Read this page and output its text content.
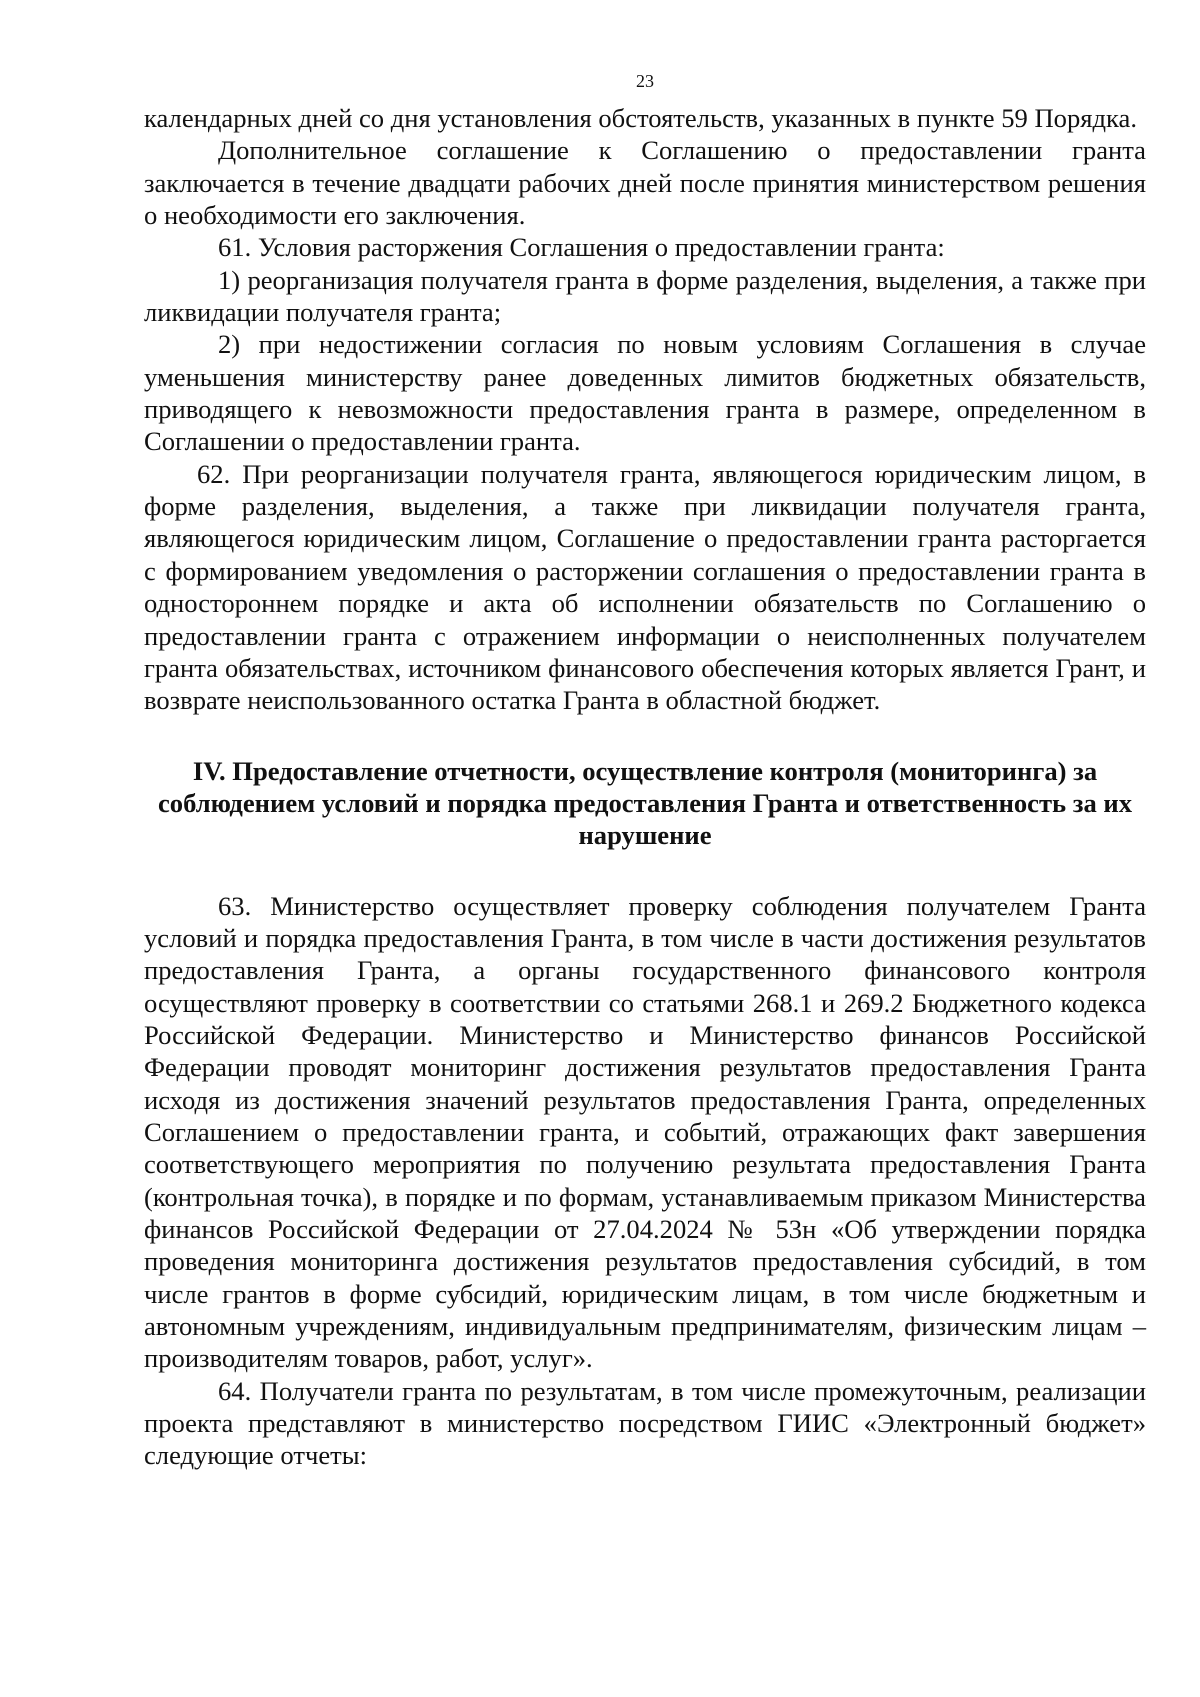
23

календарных дней со дня установления обстоятельств, указанных в пункте 59 Порядка.

Дополнительное соглашение к Соглашению о предоставлении гранта заключается в течение двадцати рабочих дней после принятия министерством решения о необходимости его заключения.

61. Условия расторжения Соглашения о предоставлении гранта:

1) реорганизация получателя гранта в форме разделения, выделения, а также при ликвидации получателя гранта;

2) при недостижении согласия по новым условиям Соглашения в случае уменьшения министерству ранее доведенных лимитов бюджетных обязательств, приводящего к невозможности предоставления гранта в размере, определенном в Соглашении о предоставлении гранта.

62. При реорганизации получателя гранта, являющегося юридическим лицом, в форме разделения, выделения, а также при ликвидации получателя гранта, являющегося юридическим лицом, Соглашение о предоставлении гранта расторгается с формированием уведомления о расторжении соглашения о предоставлении гранта в одностороннем порядке и акта об исполнении обязательств по Соглашению о предоставлении гранта с отражением информации о неисполненных получателем гранта обязательствах, источником финансового обеспечения которых является Грант, и возврате неиспользованного остатка Гранта в областной бюджет.

IV. Предоставление отчетности, осуществление контроля (мониторинга) за соблюдением условий и порядка предоставления Гранта и ответственность за их нарушение

63. Министерство осуществляет проверку соблюдения получателем Гранта условий и порядка предоставления Гранта, в том числе в части достижения результатов предоставления Гранта, а органы государственного финансового контроля осуществляют проверку в соответствии со статьями 268.1 и 269.2 Бюджетного кодекса Российской Федерации. Министерство и Министерство финансов Российской Федерации проводят мониторинг достижения результатов предоставления Гранта исходя из достижения значений результатов предоставления Гранта, определенных Соглашением о предоставлении гранта, и событий, отражающих факт завершения соответствующего мероприятия по получению результата предоставления Гранта (контрольная точка), в порядке и по формам, устанавливаемым приказом Министерства финансов Российской Федерации от 27.04.2024 № 53н «Об утверждении порядка проведения мониторинга достижения результатов предоставления субсидий, в том числе грантов в форме субсидий, юридическим лицам, в том числе бюджетным и автономным учреждениям, индивидуальным предпринимателям, физическим лицам – производителям товаров, работ, услуг».

64. Получатели гранта по результатам, в том числе промежуточным, реализации проекта представляют в министерство посредством ГИИС «Электронный бюджет» следующие отчеты:
